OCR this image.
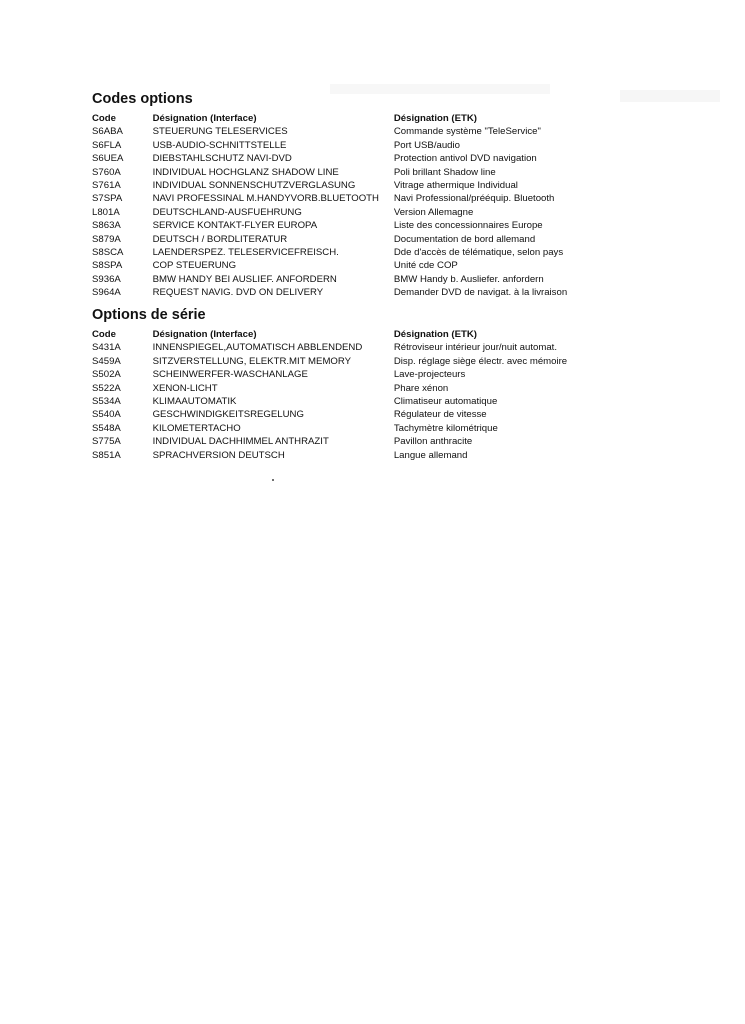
Codes options
Code	Désignation (Interface)	Désignation (ETK)
S6ABA	STEUERUNG TELESERVICES	Commande système "TeleService"
S6FLA	USB-AUDIO-SCHNITTSTELLE	Port USB/audio
S6UEA	DIEBSTAHLSCHUTZ NAVI-DVD	Protection antivol DVD navigation
S760A	INDIVIDUAL HOCHGLANZ SHADOW LINE	Poli brillant Shadow line
S761A	INDIVIDUAL SONNENSCHUTZVERGLASUNG	Vitrage athermique Individual
S7SPA	NAVI PROFESSINAL M.HANDYVORB.BLUETOOTH	Navi Professional/prééquip. Bluetooth
L801A	DEUTSCHLAND-AUSFUEHRUNG	Version Allemagne
S863A	SERVICE KONTAKT-FLYER EUROPA	Liste des concessionnaires Europe
S879A	DEUTSCH / BORDLITERATUR	Documentation de bord allemand
S8SCA	LAENDERSPEZ. TELESERVICEFREISCH.	Dde d'accès de télématique, selon pays
S8SPA	COP STEUERUNG	Unité cde COP
S936A	BMW HANDY BEI AUSLIEF. ANFORDERN	BMW Handy b. Ausliefer. anfordern
S964A	REQUEST NAVIG. DVD ON DELIVERY	Demander DVD de navigat. à la livraison
Options de série
Code	Désignation (Interface)	Désignation (ETK)
S431A	INNENSPIEGEL,AUTOMATISCH ABBLENDEND	Rétroviseur intérieur jour/nuit automat.
S459A	SITZVERSTELLUNG, ELEKTR.MIT MEMORY	Disp. réglage siège électr. avec mémoire
S502A	SCHEINWERFER-WASCHANLAGE	Lave-projecteurs
S522A	XENON-LICHT	Phare xénon
S534A	KLIMAAUTOMATIK	Climatiseur automatique
S540A	GESCHWINDIGKEITSREGELUNG	Régulateur de vitesse
S548A	KILOMETERTACHO	Tachymètre kilométrique
S775A	INDIVIDUAL DACHHIMMEL ANTHRAZIT	Pavillon anthracite
S851A	SPRACHVERSION DEUTSCH	Langue allemand
